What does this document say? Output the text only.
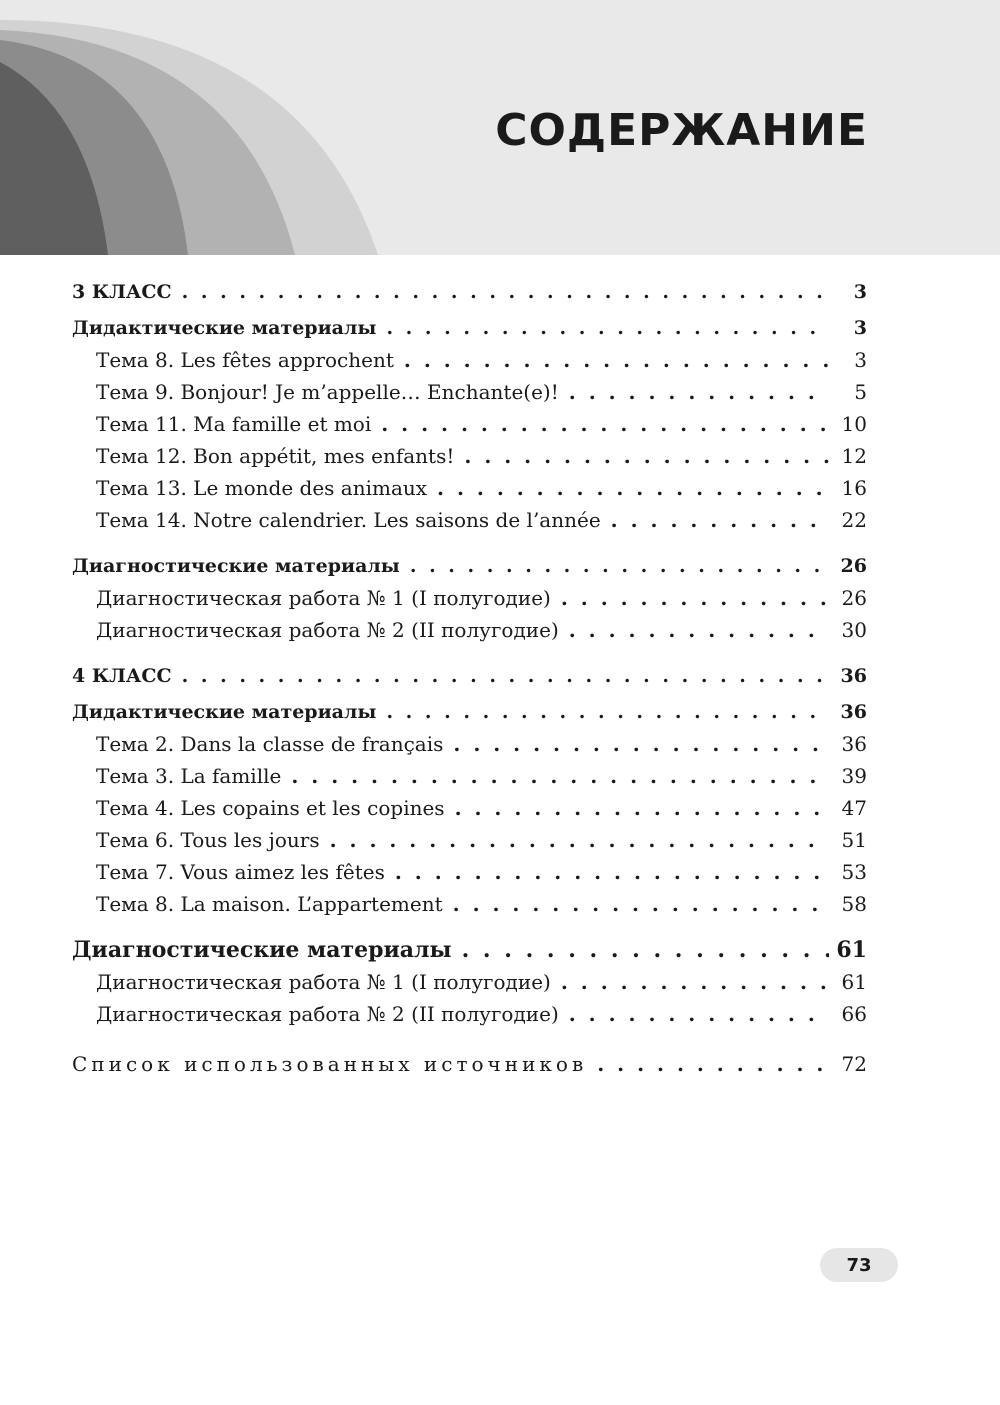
СОДЕРЖАНИЕ
3 КЛАСС . . .	3
Дидактические материалы . . .	3
Тема 8. Les fêtes approchent . . .	3
Тема 9. Bonjour! Je m’appelle… Enchante(e)! . . .	5
Тема 11. Ma famille et moi . . .	10
Тема 12. Bon appétit, mes enfants! . . .	12
Тема 13. Le monde des animaux . . .	16
Тема 14. Notre calendrier. Les saisons de l’année . . .	22
Диагностические материалы . . .	26
Диагностическая работа № 1 (I полугодие) . . .	26
Диагностическая работа № 2 (II полугодие) . . .	30
4 КЛАСС . . .	36
Дидактические материалы . . .	36
Тема 2. Dans la classe de français . . .	36
Тема 3. La famille . . .	39
Тема 4. Les copains et les copines . . .	47
Тема 6. Tous les jours . . .	51
Тема 7. Vous aimez les fêtes . . .	53
Тема 8. La maison. L’appartement . . .	58
Диагностические материалы . . .	61
Диагностическая работа № 1 (I полугодие) . . .	61
Диагностическая работа № 2 (II полугодие) . . .	66
Список использованных источников . . .	72
73
